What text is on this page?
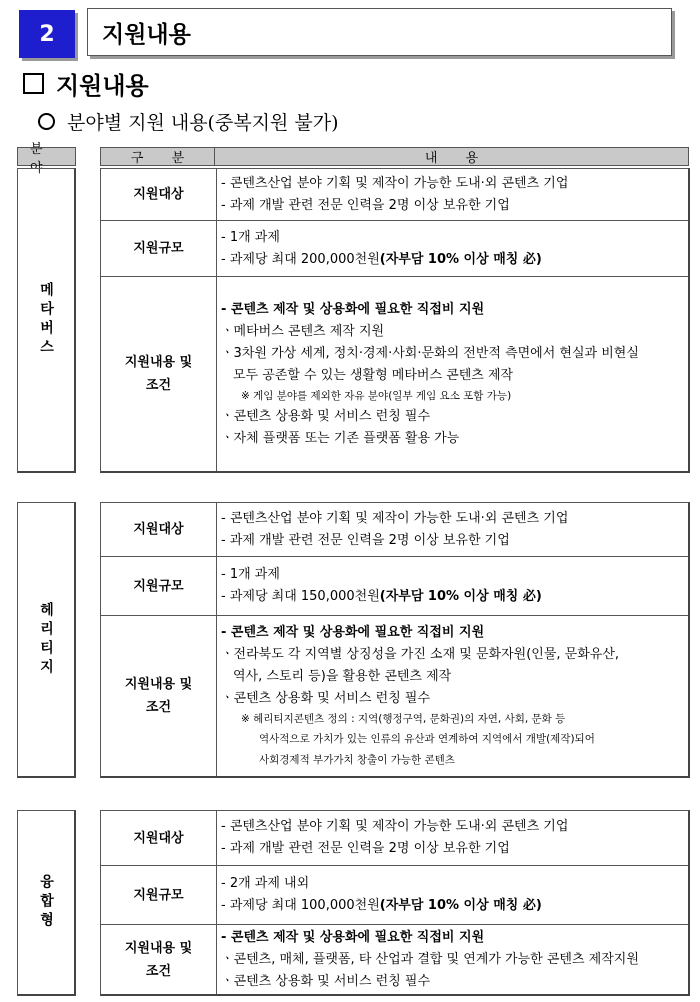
2	지원내용
지원내용
분야별 지원 내용(중복지원 불가)
분 야
구 분	내 용
메타버스
지원대상
- 콘텐츠산업 분야 기획 및 제작이 가능한 도내·외 콘텐츠 기업
- 과제 개발 관련 전문 인력을 2명 이상 보유한 기업
지원규모
- 1개 과제
- 과제당 최대 200,000천원(자부담 10% 이상 매칭 必)
지원내용 및
조건
- 콘텐츠 제작 및 상용화에 필요한 직접비 지원
ㆍ메타버스 콘텐츠 제작 지원
ㆍ3차원 가상 세계, 정치·경제·사회·문화의 전반적 측면에서 현실과 비현실
모두 공존할 수 있는 생활형 메타버스 콘텐츠 제작
※ 게임 분야를 제외한 자유 분야(일부 게임 요소 포함 가능)
ㆍ콘텐츠 상용화 및 서비스 런칭 필수
ㆍ자체 플랫폼 또는 기존 플랫폼 활용 가능
헤리티지
지원대상
- 콘텐츠산업 분야 기획 및 제작이 가능한 도내·외 콘텐츠 기업
- 과제 개발 관련 전문 인력을 2명 이상 보유한 기업
지원규모
- 1개 과제
- 과제당 최대 150,000천원(자부담 10% 이상 매칭 必)
지원내용 및
조건
- 콘텐츠 제작 및 상용화에 필요한 직접비 지원
ㆍ전라북도 각 지역별 상징성을 가진 소재 및 문화자원(인물, 문화유산,
역사, 스토리 등)을 활용한 콘텐츠 제작
ㆍ콘텐츠 상용화 및 서비스 런칭 필수
※ 헤리티지콘텐츠 정의 : 지역(행정구역, 문화권)의 자연, 사회, 문화 등
역사적으로 가치가 있는 인류의 유산과 연계하여 지역에서 개발(제작)되어
사회경제적 부가가치 창출이 가능한 콘텐츠
융합형
지원대상
- 콘텐츠산업 분야 기획 및 제작이 가능한 도내·외 콘텐츠 기업
- 과제 개발 관련 전문 인력을 2명 이상 보유한 기업
지원규모
- 2개 과제 내외
- 과제당 최대 100,000천원(자부담 10% 이상 매칭 必)
지원내용 및
조건
- 콘텐츠 제작 및 상용화에 필요한 직접비 지원
ㆍ콘텐츠, 매체, 플랫폼, 타 산업과 결합 및 연계가 가능한 콘텐츠 제작지원
ㆍ콘텐츠 상용화 및 서비스 런칭 필수
